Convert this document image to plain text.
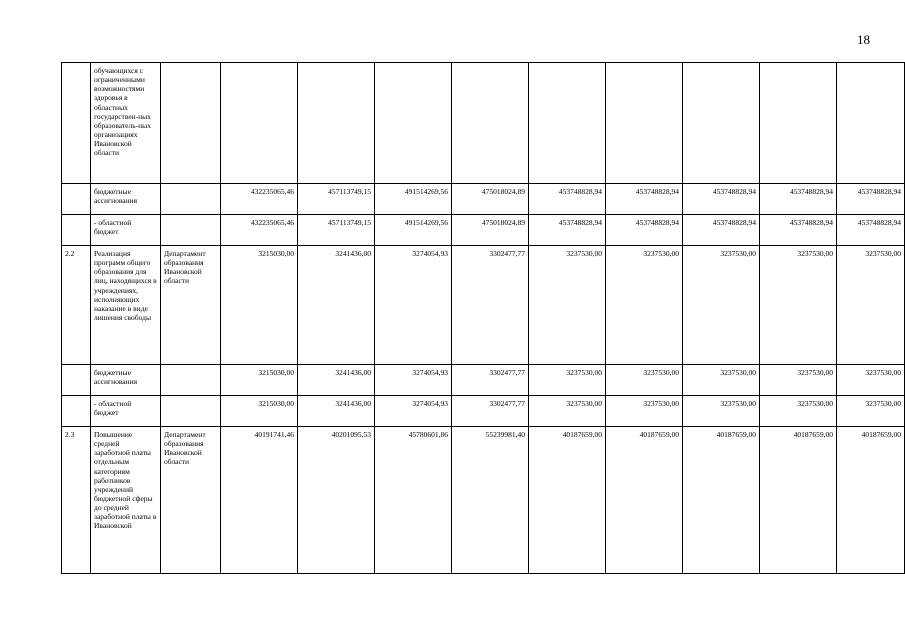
18
	обучающихся с ограниченными возможностями здоровья в областных государствен-ных образователь-ных организациях Ивановской области										
	бюджетные ассигнования		432235065,46	457113749,15	491514269,56	475018024,89	453748828,94	453748828,94	453748828,94	453748828,94	453748828,94
	- областной бюджет		432235065,46	457113749,15	491514269,56	475018024,89	453748828,94	453748828,94	453748828,94	453748828,94	453748828,94
2.2	Реализация программ общего образования для лиц, находящихся в учреждениях, исполняющих наказание в виде лишения свободы	Департамент образования Ивановской области	3215030,00	3241436,00	3274054,93	3302477,77	3237530,00	3237530,00	3237530,00	3237530,00	3237530,00
	бюджетные ассигнования		3215030,00	3241436,00	3274054,93	3302477,77	3237530,00	3237530,00	3237530,00	3237530,00	3237530,00
	- областной бюджет		3215030,00	3241436,00	3274054,93	3302477,77	3237530,00	3237530,00	3237530,00	3237530,00	3237530,00
2.3	Повышение средней заработной платы отдельным категориям работников учреждений бюджетной сферы до средней заработной платы в Ивановской	Департамент образования Ивановской области	40191741,46	40201095,53	45780601,86	55239981,40	40187659,00	40187659,00	40187659,00	40187659,00	40187659,00
